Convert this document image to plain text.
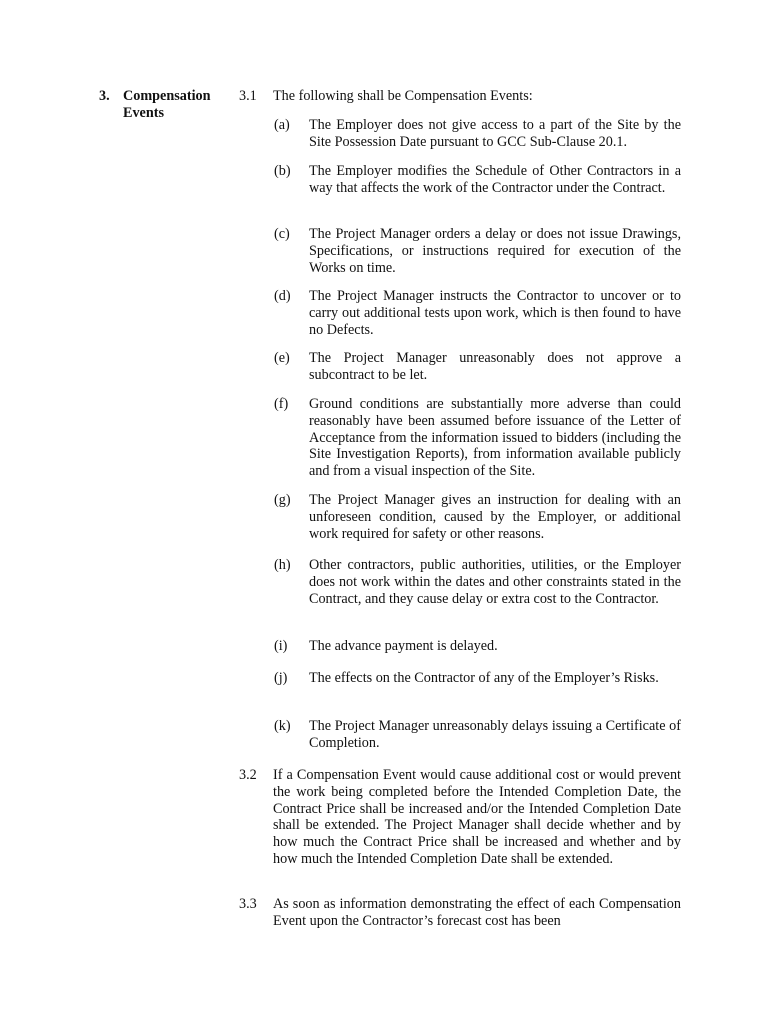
3. Compensation Events
3.1	The following shall be Compensation Events:
(a)	The Employer does not give access to a part of the Site by the Site Possession Date pursuant to GCC Sub-Clause 20.1.
(b)	The Employer modifies the Schedule of Other Contractors in a way that affects the work of the Contractor under the Contract.
(c)	The Project Manager orders a delay or does not issue Drawings, Specifications, or instructions required for execution of the Works on time.
(d)	The Project Manager instructs the Contractor to uncover or to carry out additional tests upon work, which is then found to have no Defects.
(e)	The Project Manager unreasonably does not approve a subcontract to be let.
(f)	Ground conditions are substantially more adverse than could reasonably have been assumed before issuance of the Letter of Acceptance from the information issued to bidders (including the Site Investigation Reports), from information available publicly and from a visual inspection of the Site.
(g)	The Project Manager gives an instruction for dealing with an unforeseen condition, caused by the Employer, or additional work required for safety or other reasons.
(h)	Other contractors, public authorities, utilities, or the Employer does not work within the dates and other constraints stated in the Contract, and they cause delay or extra cost to the Contractor.
(i)	The advance payment is delayed.
(j)	The effects on the Contractor of any of the Employer’s Risks.
(k)	The Project Manager unreasonably delays issuing a Certificate of Completion.
3.2	If a Compensation Event would cause additional cost or would prevent the work being completed before the Intended Completion Date, the Contract Price shall be increased and/or the Intended Completion Date shall be extended. The Project Manager shall decide whether and by how much the Contract Price shall be increased and whether and by how much the Intended Completion Date shall be extended.
3.3	As soon as information demonstrating the effect of each Compensation Event upon the Contractor’s forecast cost has been
